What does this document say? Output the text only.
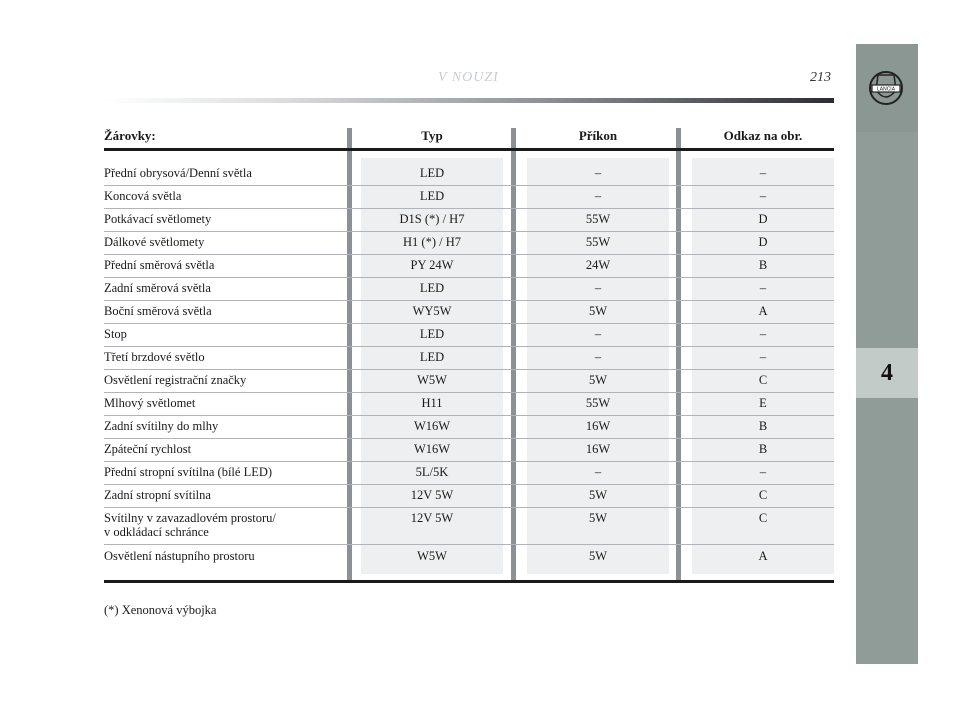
LANCIA
4
V NOUZI	213
Žárovky:	Typ	Příkon	Odkaz na obr.
Přední obrysová/Denní světla	LED	–	–
Koncová světla	LED	–	–
Potkávací světlomety	D1S (*) / H7	55W	D
Dálkové světlomety	H1 (*) / H7	55W	D
Přední směrová světla	PY 24W	24W	B
Zadní směrová světla	LED	–	–
Boční směrová světla	WY5W	5W	A
Stop	LED	–	–
Třetí brzdové světlo	LED	–	–
Osvětlení registrační značky	W5W	5W	C
Mlhový světlomet	H11	55W	E
Zadní svítilny do mlhy	W16W	16W	B
Zpáteční rychlost	W16W	16W	B
Přední stropní svítilna (bílé LED)	5L/5K	–	–
Zadní stropní svítilna	12V 5W	5W	C
Svítilny v zavazadlovém prostoru/
v odkládací schránce
12V 5W	5W	C
Osvětlení nástupního prostoru	W5W	5W	A
(*) Xenonová výbojka
